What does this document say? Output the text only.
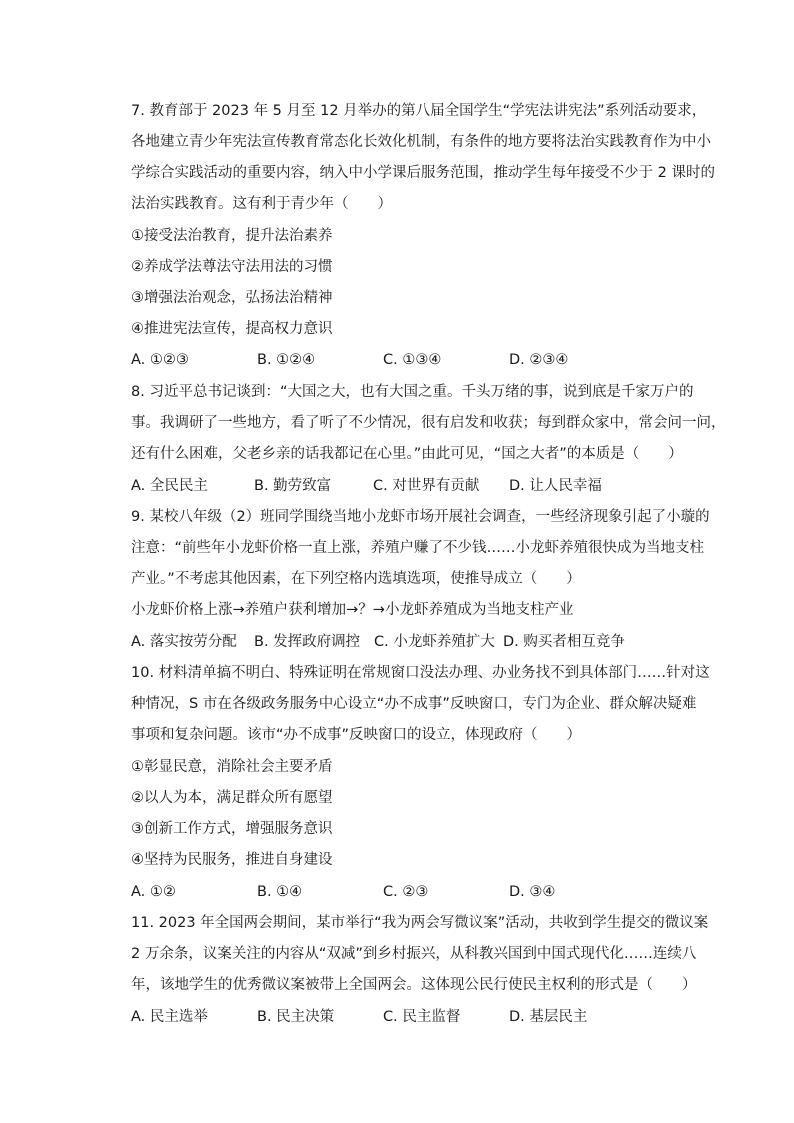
7. 教育部于 2023 年 5 月至 12 月举办的第八届全国学生“学宪法讲宪法”系列活动要求，
各地建立青少年宪法宣传教育常态化长效化机制，有条件的地方要将法治实践教育作为中小
学综合实践活动的重要内容，纳入中小学课后服务范围，推动学生每年接受不少于 2 课时的
法治实践教育。这有利于青少年（　　）
①接受法治教育，提升法治素养
②养成学法尊法守法用法的习惯
③增强法治观念，弘扬法治精神
④推进宪法宣传，提高权力意识
A. ①②③	B. ①②④	C. ①③④	D. ②③④
8. 习近平总书记谈到：“大国之大，也有大国之重。千头万绪的事，说到底是千家万户的
事。我调研了一些地方，看了听了不少情况，很有启发和收获；每到群众家中，常会问一问，
还有什么困难，父老乡亲的话我都记在心里。”由此可见，“国之大者”的本质是（　　）
A. 全民民主	B. 勤劳致富	C. 对世界有贡献 D. 让人民幸福
9. 某校八年级（2）班同学围绕当地小龙虾市场开展社会调查，一些经济现象引起了小璇的
注意：“前些年小龙虾价格一直上涨，养殖户赚了不少钱……小龙虾养殖很快成为当地支柱
产业。”不考虑其他因素，在下列空格内选填选项，使推导成立（　　）
小龙虾价格上涨→养殖户获利增加→？→小龙虾养殖成为当地支柱产业
A. 落实按劳分配 B. 发挥政府调控 C. 小龙虾养殖扩大 D. 购买者相互竞争
10. 材料清单搞不明白、特殊证明在常规窗口没法办理、办业务找不到具体部门……针对这
种情况，S 市在各级政务服务中心设立“办不成事”反映窗口，专门为企业、群众解决疑难
事项和复杂问题。该市“办不成事”反映窗口的设立，体现政府（　　）
①彰显民意，消除社会主要矛盾
②以人为本，满足群众所有愿望
③创新工作方式，增强服务意识
④坚持为民服务，推进自身建设
A. ①②	B. ①④	C. ②③	D. ③④
11. 2023 年全国两会期间，某市举行“我为两会写微议案”活动，共收到学生提交的微议案
2 万余条，议案关注的内容从“双减”到乡村振兴，从科教兴国到中国式现代化……连续八
年，该地学生的优秀微议案被带上全国两会。这体现公民行使民主权利的形式是（　　）
A. 民主选举	B. 民主决策	C. 民主监督	D. 基层民主
